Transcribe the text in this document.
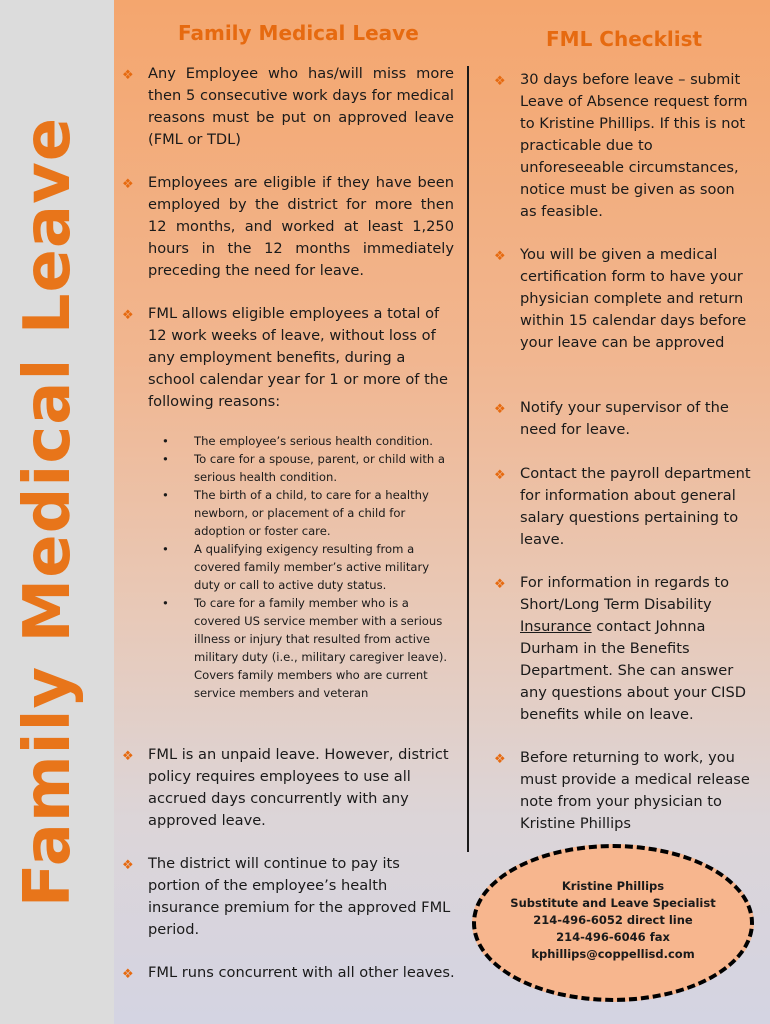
Family Medical Leave
Family Medical Leave	FML Checklist
❖ Any Employee who has/will miss more then 5 consecutive work days for medical reasons must be put on approved leave (FML or TDL)
❖ Employees are eligible if they have been employed by the district for more then 12 months, and worked at least 1,250 hours in the 12 months immediately preceding the need for leave.
❖ FML allows eligible employees a total of 12 work weeks of leave, without loss of any employment benefits, during a school calendar year for 1 or more of the following reasons:
• The employee’s serious health condition.
• To care for a spouse, parent, or child with a serious health condition.
• The birth of a child, to care for a healthy newborn, or placement of a child for adoption or foster care.
• A qualifying exigency resulting from a covered family member’s active military duty or call to active duty status.
• To care for a family member who is a covered US service member with a serious illness or injury that resulted from active military duty (i.e., military caregiver leave). Covers family members who are current service members and veteran
❖ FML is an unpaid leave. However, district policy requires employees to use all accrued days concurrently with any approved leave.
❖ The district will continue to pay its portion of the employee’s health insurance premium for the approved FML period.
❖ FML runs concurrent with all other leaves.
❖ 30 days before leave – submit Leave of Absence request form to Kristine Phillips. If this is not practicable due to unforeseeable circumstances, notice must be given as soon as feasible.
❖ You will be given a medical certification form to have your physician complete and return within 15 calendar days before your leave can be approved
❖ Notify your supervisor of the need for leave.
❖ Contact the payroll department for information about general salary questions pertaining to leave.
❖ For information in regards to Short/Long Term Disability Insurance contact Johnna Durham in the Benefits Department. She can answer any questions about your CISD benefits while on leave.
❖ Before returning to work, you must provide a medical release note from your physician to Kristine Phillips
Kristine Phillips
Substitute and Leave Specialist
214-496-6052 direct line
214-496-6046 fax
kphillips@coppellisd.com
